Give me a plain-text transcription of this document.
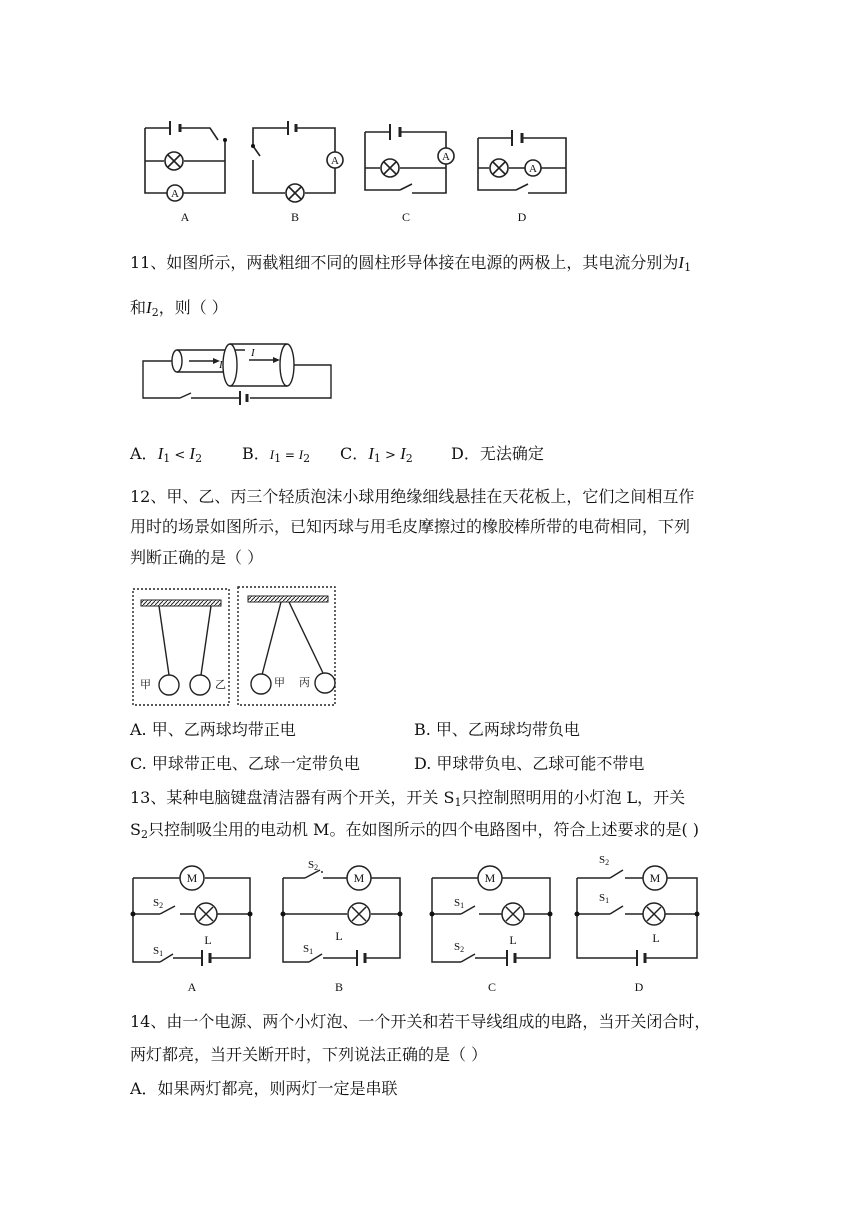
A
A	A
A
A	B	C	D
11、如图所示，两截粗细不同的圆柱形导体接在电源的两极上，其电流分别为$I_1$
和$I_2$，则（ ）
I
I
A．$I_1 < I_2$ B．$I_1 = I_2$ C．$I_1 > I_2$ D．无法确定
12、甲、乙、丙三个轻质泡沫小球用绝缘细线悬挂在天花板上，它们之间相互作
用时的场景如图所示，已知丙球与用毛皮摩擦过的橡胶棒所带的电荷相同，下列
判断正确的是（ ）
甲	乙	甲 丙
A. 甲、乙两球均带正电	B. 甲、乙两球均带负电
C. 甲球带正电、乙球一定带负电	D. 甲球带负电、乙球可能不带电
13、某种电脑键盘清洁器有两个开关，开关 $S_1$只控制照明用的小灯泡 L，开关
$S_2$只控制吸尘用的电动机 M。在如图所示的四个电路图中，符合上述要求的是( )
M	M	M	M
L	L	L	L
S2
S1
S2
S1
S1
S2
S2
S1
A	B	C	D
14、由一个电源、两个小灯泡、一个开关和若干导线组成的电路，当开关闭合时，
两灯都亮，当开关断开时，下列说法正确的是（ ）
A．如果两灯都亮，则两灯一定是串联
